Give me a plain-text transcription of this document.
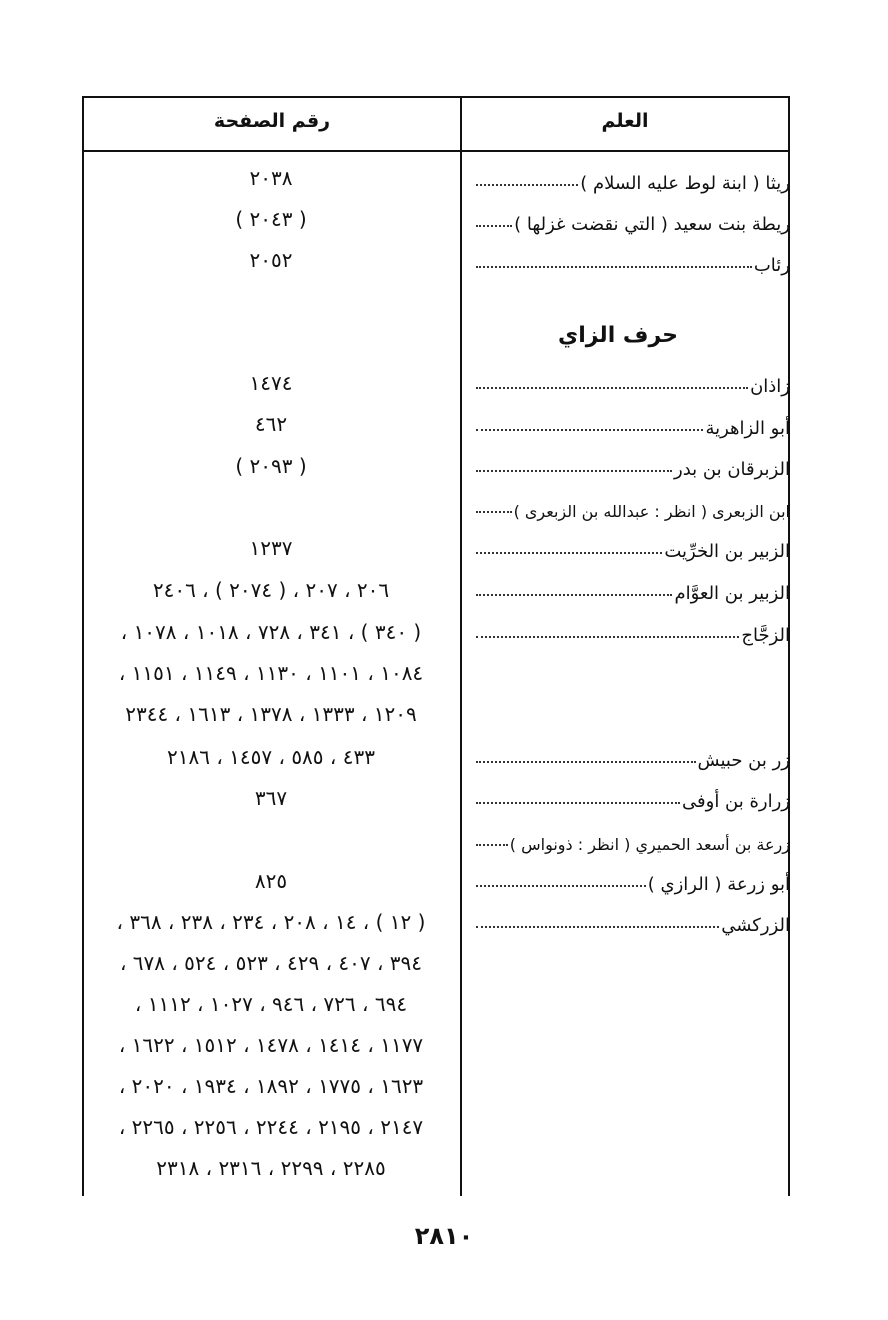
العلم
رقم الصفحة
حرف الزاي
ريثا ( ابنة لوط عليه السلام )
٢٠٣٨
ريطة بنت سعيد ( التي نقضت غزلها )
( ٢٠٤٣ )
رئاب
٢٠٥٢
زاذان
١٤٧٤
أبو الزاهرية
٤٦٢
الزبرقان بن بدر
( ٢٠٩٣ )
ابن الزبعرى ( انظر : عبدالله بن الزبعرى )
الزبير بن الخرِّيت
١٢٣٧
الزبير بن العوَّام
٢٠٦ ، ٢٠٧ ، ( ٢٠٧٤ ) ، ٢٤٠٦
الزجَّاج
( ٣٤٠ ) ، ٣٤١ ، ٧٢٨ ، ١٠١٨ ، ١٠٧٨ ،
١٠٨٤ ، ١١٠١ ، ١١٣٠ ، ١١٤٩ ، ١١٥١ ،
١٢٠٩ ، ١٣٣٣ ، ١٣٧٨ ، ١٦١٣ ، ٢٣٤٤
زر بن حبيش
٤٣٣ ، ٥٨٥ ، ١٤٥٧ ، ٢١٨٦
زرارة بن أوفى
٣٦٧
زرعة بن أسعد الحميري ( انظر : ذونواس )
أبو زرعة ( الرازي )
٨٢٥
الزركشي
( ١٢ ) ، ١٤ ، ٢٠٨ ، ٢٣٤ ، ٢٣٨ ، ٣٦٨ ،
٣٩٤ ، ٤٠٧ ، ٤٢٩ ، ٥٢٣ ، ٥٢٤ ، ٦٧٨ ،
٦٩٤ ، ٧٢٦ ، ٩٤٦ ، ١٠٢٧ ، ١١١٢ ،
١١٧٧ ، ١٤١٤ ، ١٤٧٨ ، ١٥١٢ ، ١٦٢٢ ،
١٦٢٣ ، ١٧٧٥ ، ١٨٩٢ ، ١٩٣٤ ، ٢٠٢٠ ،
٢١٤٧ ، ٢١٩٥ ، ٢٢٤٤ ، ٢٢٥٦ ، ٢٢٦٥ ،
٢٢٨٥ ، ٢٢٩٩ ، ٢٣١٦ ، ٢٣١٨
٢٨١٠
